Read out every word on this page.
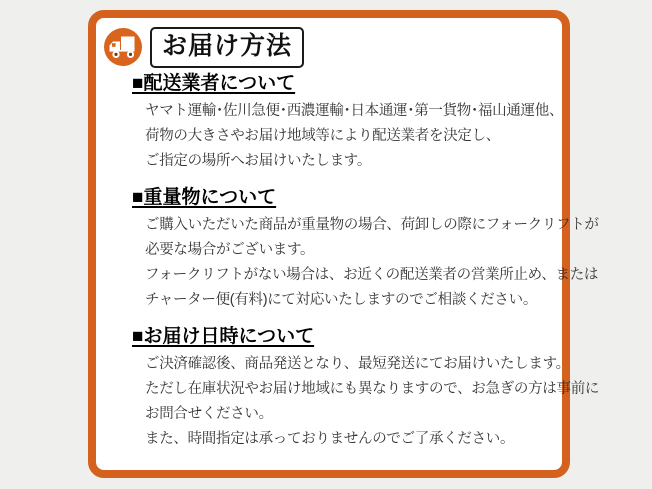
お届け方法
■配送業者について
ヤマト運輸･佐川急便･西濃運輸･日本通運･第一貨物･福山通運他、
荷物の大きさやお届け地域等により配送業者を決定し、
ご指定の場所へお届けいたします。
■重量物について
ご購入いただいた商品が重量物の場合、荷卸しの際にフォークリフトが
必要な場合がございます。
フォークリフトがない場合は、お近くの配送業者の営業所止め、または
チャーター便(有料)にて対応いたしますのでご相談ください。
■お届け日時について
ご決済確認後、商品発送となり、最短発送にてお届けいたします。
ただし在庫状況やお届け地域にも異なりますので、お急ぎの方は事前に
お問合せください。
また、時間指定は承っておりませんのでご了承ください。
